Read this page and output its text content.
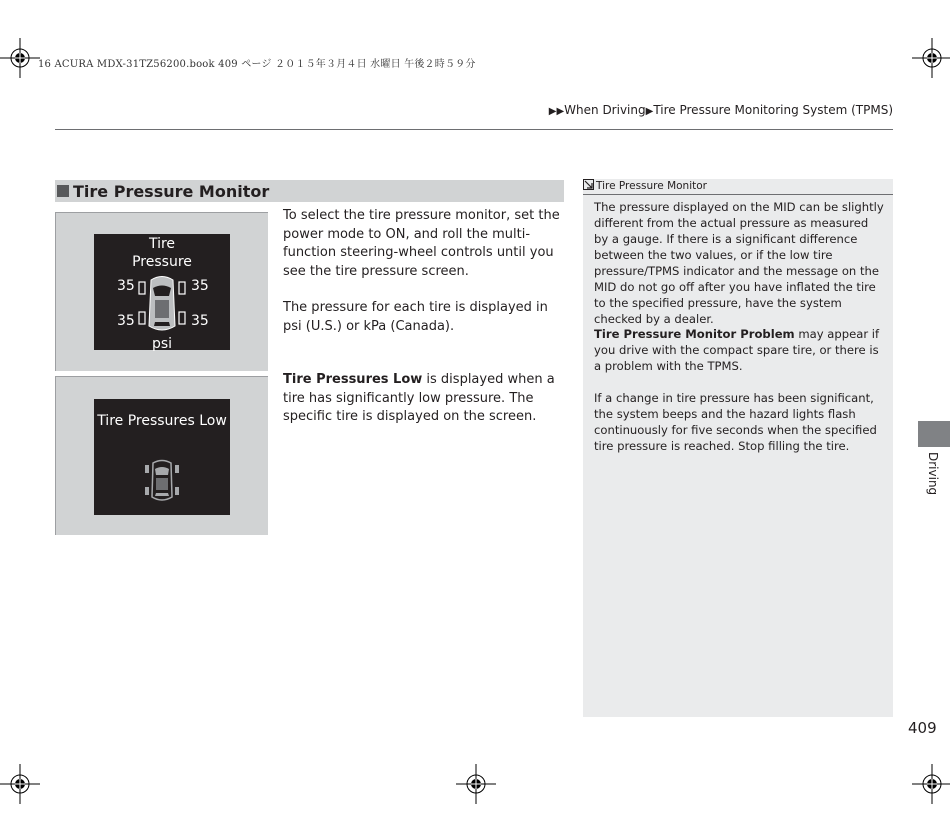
16 ACURA MDX-31TZ56200.book 409 ページ ２０１５年３月４日 水曜日 午後２時５９分
▶▶When Driving▶Tire Pressure Monitoring System (TPMS)
Tire Pressure Monitor
Tire
Pressure
35	35
35	35
psi
Tire Pressures Low
To select the tire pressure monitor, set the power mode to ON, and roll the multi-function steering-wheel controls until you see the tire pressure screen.
The pressure for each tire is displayed in psi (U.S.) or kPa (Canada).
Tire Pressures Low is displayed when a tire has significantly low pressure. The specific tire is displayed on the screen.
Tire Pressure Monitor
The pressure displayed on the MID can be slightly different from the actual pressure as measured by a gauge. If there is a significant difference between the two values, or if the low tire pressure/TPMS indicator and the message on the MID do not go off after you have inflated the tire to the specified pressure, have the system checked by a dealer.
Tire Pressure Monitor Problem may appear if you drive with the compact spare tire, or there is a problem with the TPMS.
If a change in tire pressure has been significant, the system beeps and the hazard lights flash continuously for five seconds when the specified tire pressure is reached. Stop filling the tire.
Driving
409
